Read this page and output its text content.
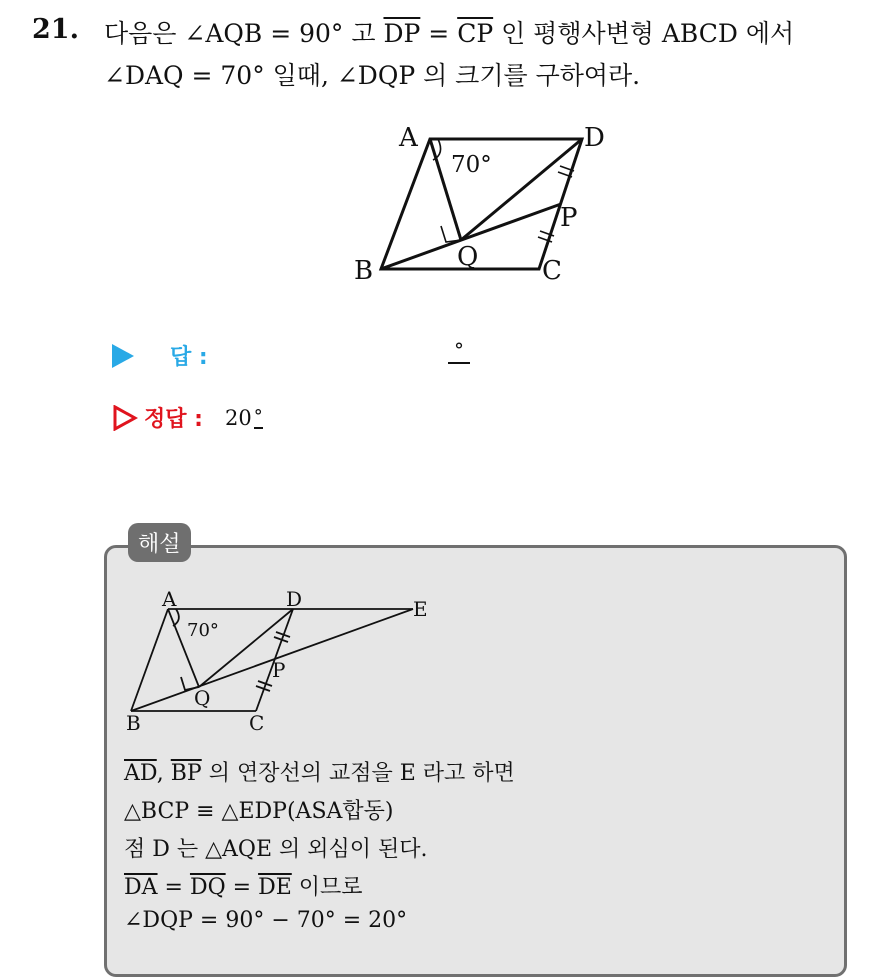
21. 다음은 ∠AQB = 90° 고 $\overline{DP} = \overline{CP}$ 인 평행사변형 ABCD 에서
∠DAQ = 70° 일때, ∠DQP 의 크기를 구하여라.
A	D
P
Q
B	C
70°
답 :	°
정답 : 20 °
해설
A	D	E
P
Q
B	C
70°
$\overline{AD}$, $\overline{BP}$ 의 연장선의 교점을 E 라고 하면
△BCP ≡ △EDP(ASA합동)
점 D 는 △AQE 의 외심이 된다.
$\overline{DA} = \overline{DQ} = \overline{DE}$ 이므로
∠DQP = 90° − 70° = 20°
